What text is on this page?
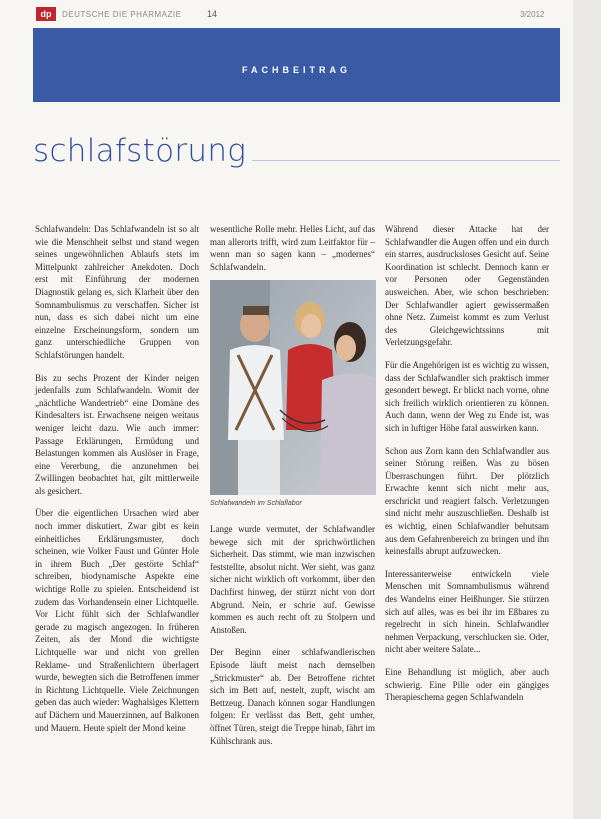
dp	DEUTSCHE DIE PHARMAZIE	14	3/2012
FACHBEITRAG
schlafstörung

Schlafwandeln: Das Schlafwandeln ist so alt wie die Menschheit selbst und stand wegen seines ungewöhnlichen Ablaufs stets im Mittelpunkt zahlreicher Anekdoten. Doch erst mit Einführung der modernen Diagnostik gelang es, sich Klarheit über den Somnambulismus zu verschaffen. Sicher ist nun, dass es sich dabei nicht um eine einzelne Erscheinungsform, sondern um ganz unterschiedliche Gruppen von Schlafstörungen handelt.

Bis zu sechs Prozent der Kinder neigen jedenfalls zum Schlafwandeln. Womit der „nächtliche Wandertrieb“ eine Domäne des Kindesalters ist. Erwachsene neigen weitaus weniger leicht dazu. Wie auch immer: Passage Erklärungen, Ermüdung und Belastungen kommen als Auslöser in Frage, eine Vererbung, die anzunehmen bei Zwillingen beobachtet hat, gilt mittlerweile als gesichert.

Über die eigentlichen Ursachen wird aber noch immer diskutiert. Zwar gibt es kein einheitliches Erklärungsmuster, doch scheinen, wie Volker Faust und Günter Hole in ihrem Buch „Der gestörte Schlaf“ schreiben, biodynamische Aspekte eine wichtige Rolle zu spielen. Entscheidend ist zudem das Vorhandensein einer Lichtquelle. Vor Licht fühlt sich der Schlafwandler gerade zu magisch angezogen. In früheren Zeiten, als der Mond die wichtigste Lichtquelle war und nicht von grellen Reklame- und Straßenlichtern überlagert wurde, bewegten sich die Betroffenen immer in Richtung Lichtquelle. Viele Zeichnungen geben das auch wieder: Waghalsiges Klettern auf Dächern und Mauerzinnen, auf Balkonen und Mauern. Heute spielt der Mond keine

wesentliche Rolle mehr. Helles Licht, auf das man allerorts trifft, wird zum Leitfaktor für – wenn man so sagen kann – „modernes“ Schlafwandeln.

Schlafwandeln im Schlaflabor

Lange wurde vermutet, der Schlafwandler bewege sich mit der sprichwörtlichen Sicherheit. Das stimmt, wie man inzwischen feststellte, absolut nicht. Wer sieht, was ganz sicher nicht wirklich oft vorkommt, über den Dachfirst hinweg, der stürzt nicht von dort Abgrund. Nein, er schrie auf. Gewisse kommen es auch recht oft zu Stolpern und Anstoßen.

Der Beginn einer schlafwandlerischen Episode läuft meist nach demselben „Strickmuster“ ab. Der Betroffene richtet sich im Bett auf, nestelt, zupft, wischt am Bettzeug. Danach können sogar Handlungen folgen: Er verlässt das Bett, geht umher, öffnet Türen, steigt die Treppe hinab, fährt im Kühlschrank aus.

Während dieser Attacke hat der Schlafwandler die Augen offen und ein durch ein starres, ausdrucksloses Gesicht auf. Seine Koordination ist schlecht. Dennoch kann er vor Personen oder Gegenständen ausweichen. Aber, wie schon beschrieben: Der Schlafwandler agiert gewissermaßen ohne Netz. Zumeist kommt es zum Verlust des Gleichgewichtssinns mit Verletzungsgefahr.

Für die Angehörigen ist es wichtig zu wissen, dass der Schlafwandler sich praktisch immer gesondert bewegt. Er blickt nach vorne, ohne sich freilich wirklich orientieren zu können. Auch dann, wenn der Weg zu Ende ist, was sich in luftiger Höhe fatal auswirken kann.

Schon aus Zorn kann den Schlafwandler aus seiner Störung reißen. Was zu bösen Überraschungen führt. Der plötzlich Erwachte kennt sich nicht mehr aus, erschrickt und reagiert falsch. Verletzungen sind nicht mehr auszuschließen. Deshalb ist es wichtig, einen Schlafwandler behutsam aus dem Gefahrenbereich zu bringen und ihn keinesfalls abrupt aufzuwecken.

Interessanterweise entwickeln viele Menschen mit Somnambulismus während des Wandelns einer Heißhunger. Sie stürzen sich auf alles, was es bei ihr im Eßbares zu regelrecht in sich hinein. Schlafwandler nehmen Verpackung, verschlucken sie. Oder, nicht aber weitere Salate...

Eine Behandlung ist möglich, aber auch schwierig. Eine Pille oder ein gängiges Therapieschema gegen Schlafwandeln
